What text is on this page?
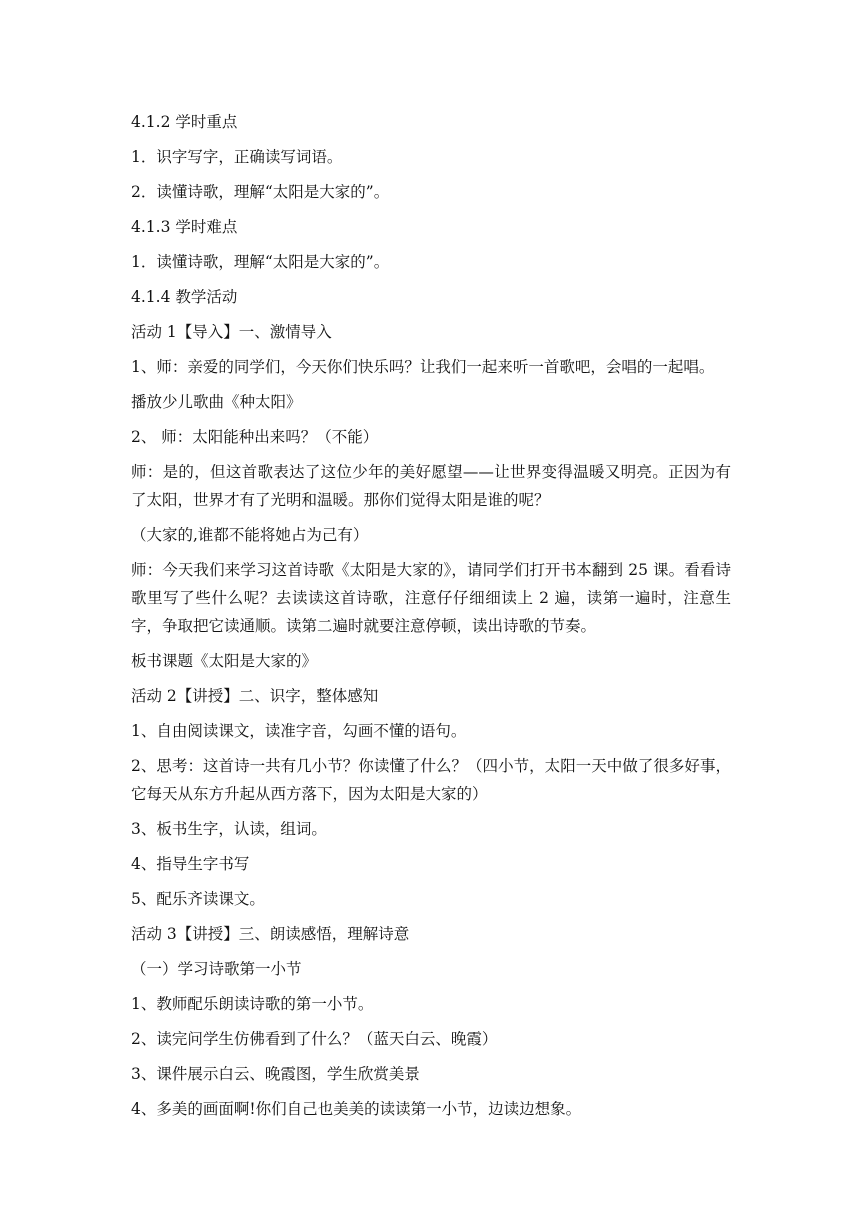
4.1.2 学时重点

1．识字写字，正确读写词语。

2．读懂诗歌，理解“太阳是大家的”。

4.1.3 学时难点

1．读懂诗歌，理解“太阳是大家的”。

4.1.4 教学活动

活动 1【导入】一、激情导入

1、师：亲爱的同学们，今天你们快乐吗？让我们一起来听一首歌吧，会唱的一起唱。

播放少儿歌曲《种太阳》

2、 师：太阳能种出来吗？（不能）

师：是的，但这首歌表达了这位少年的美好愿望——让世界变得温暖又明亮。正因为有了太阳，世界才有了光明和温暖。那你们觉得太阳是谁的呢？

（大家的,谁都不能将她占为己有）

师：今天我们来学习这首诗歌《太阳是大家的》，请同学们打开书本翻到 25 课。看看诗歌里写了些什么呢？去读读这首诗歌，注意仔仔细细读上 2 遍，读第一遍时，注意生字，争取把它读通顺。读第二遍时就要注意停顿，读出诗歌的节奏。

板书课题《太阳是大家的》

活动 2【讲授】二、识字，整体感知

1、自由阅读课文，读准字音，勾画不懂的语句。

2、思考：这首诗一共有几小节？你读懂了什么？（四小节，太阳一天中做了很多好事，它每天从东方升起从西方落下，因为太阳是大家的）

3、板书生字，认读，组词。

4、指导生字书写

5、配乐齐读课文。

活动 3【讲授】三、朗读感悟，理解诗意

（一）学习诗歌第一小节

1、教师配乐朗读诗歌的第一小节。

2、读完问学生仿佛看到了什么？（蓝天白云、晚霞）

3、课件展示白云、晚霞图，学生欣赏美景

4、多美的画面啊!你们自己也美美的读读第一小节，边读边想象。
